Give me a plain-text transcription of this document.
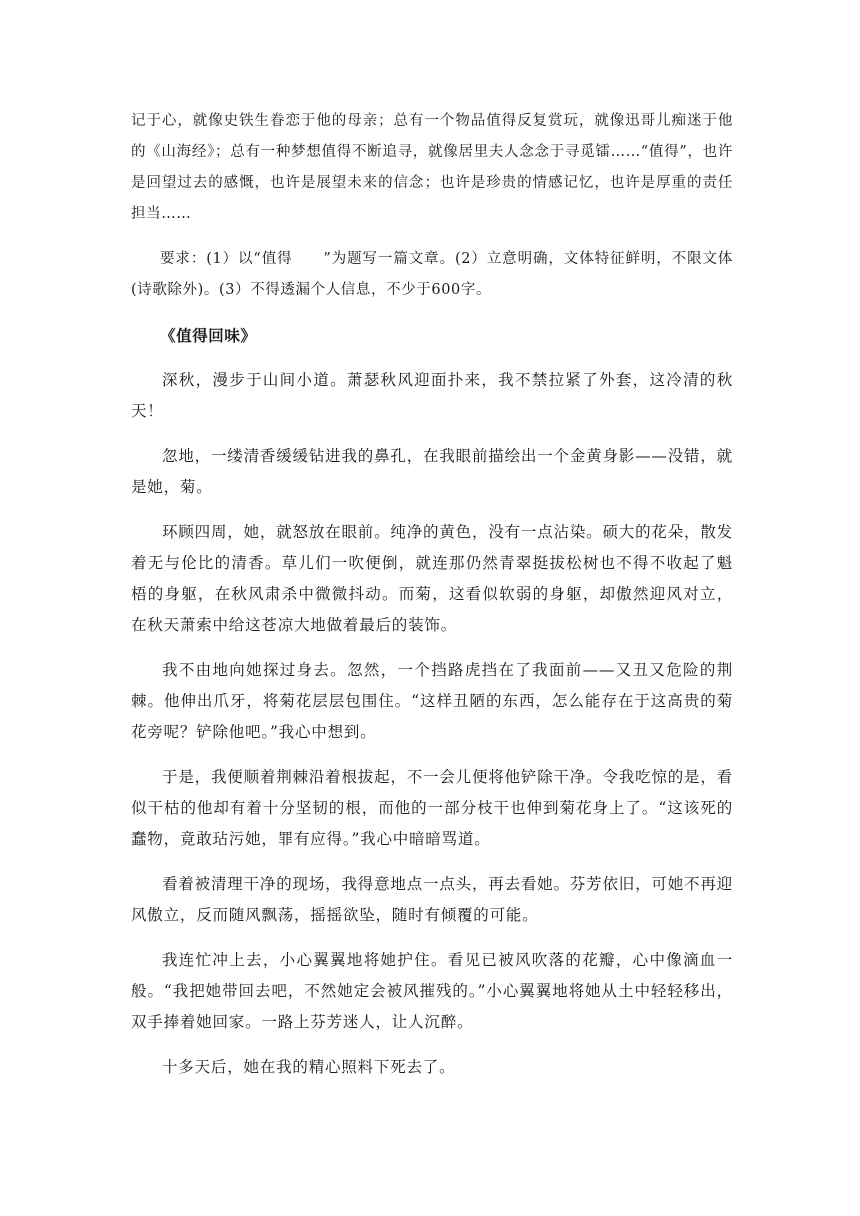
记于心，就像史铁生眷恋于他的母亲；总有一个物品值得反复赏玩，就像迅哥儿痴迷于他的《山海经》；总有一种梦想值得不断追寻，就像居里夫人念念于寻觅镭……“值得”，也许是回望过去的感慨，也许是展望未来的信念；也许是珍贵的情感记忆，也许是厚重的责任担当……

要求：(1）以“值得　　”为题写一篇文章。(2）立意明确，文体特征鲜明，不限文体(诗歌除外)。(3）不得透漏个人信息，不少于600字。

《值得回味》

深秋，漫步于山间小道。萧瑟秋风迎面扑来，我不禁拉紧了外套，这冷清的秋天！

忽地，一缕清香缓缓钻进我的鼻孔，在我眼前描绘出一个金黄身影——没错，就是她，菊。

环顾四周，她，就怒放在眼前。纯净的黄色，没有一点沾染。硕大的花朵，散发着无与伦比的清香。草儿们一吹便倒，就连那仍然青翠挺拔松树也不得不收起了魁梧的身躯，在秋风肃杀中微微抖动。而菊，这看似软弱的身躯，却傲然迎风对立，在秋天萧索中给这苍凉大地做着最后的装饰。

我不由地向她探过身去。忽然，一个挡路虎挡在了我面前——又丑又危险的荆棘。他伸出爪牙，将菊花层层包围住。“这样丑陋的东西，怎么能存在于这高贵的菊花旁呢？铲除他吧。”我心中想到。

于是，我便顺着荆棘沿着根拔起，不一会儿便将他铲除干净。令我吃惊的是，看似干枯的他却有着十分坚韧的根，而他的一部分枝干也伸到菊花身上了。“这该死的蠢物，竟敢玷污她，罪有应得。”我心中暗暗骂道。

看着被清理干净的现场，我得意地点一点头，再去看她。芬芳依旧，可她不再迎风傲立，反而随风飘荡，摇摇欲坠，随时有倾覆的可能。

我连忙冲上去，小心翼翼地将她护住。看见已被风吹落的花瓣，心中像滴血一般。“我把她带回去吧，不然她定会被风摧残的。”小心翼翼地将她从土中轻轻移出，双手捧着她回家。一路上芬芳迷人，让人沉醉。

十多天后，她在我的精心照料下死去了。
